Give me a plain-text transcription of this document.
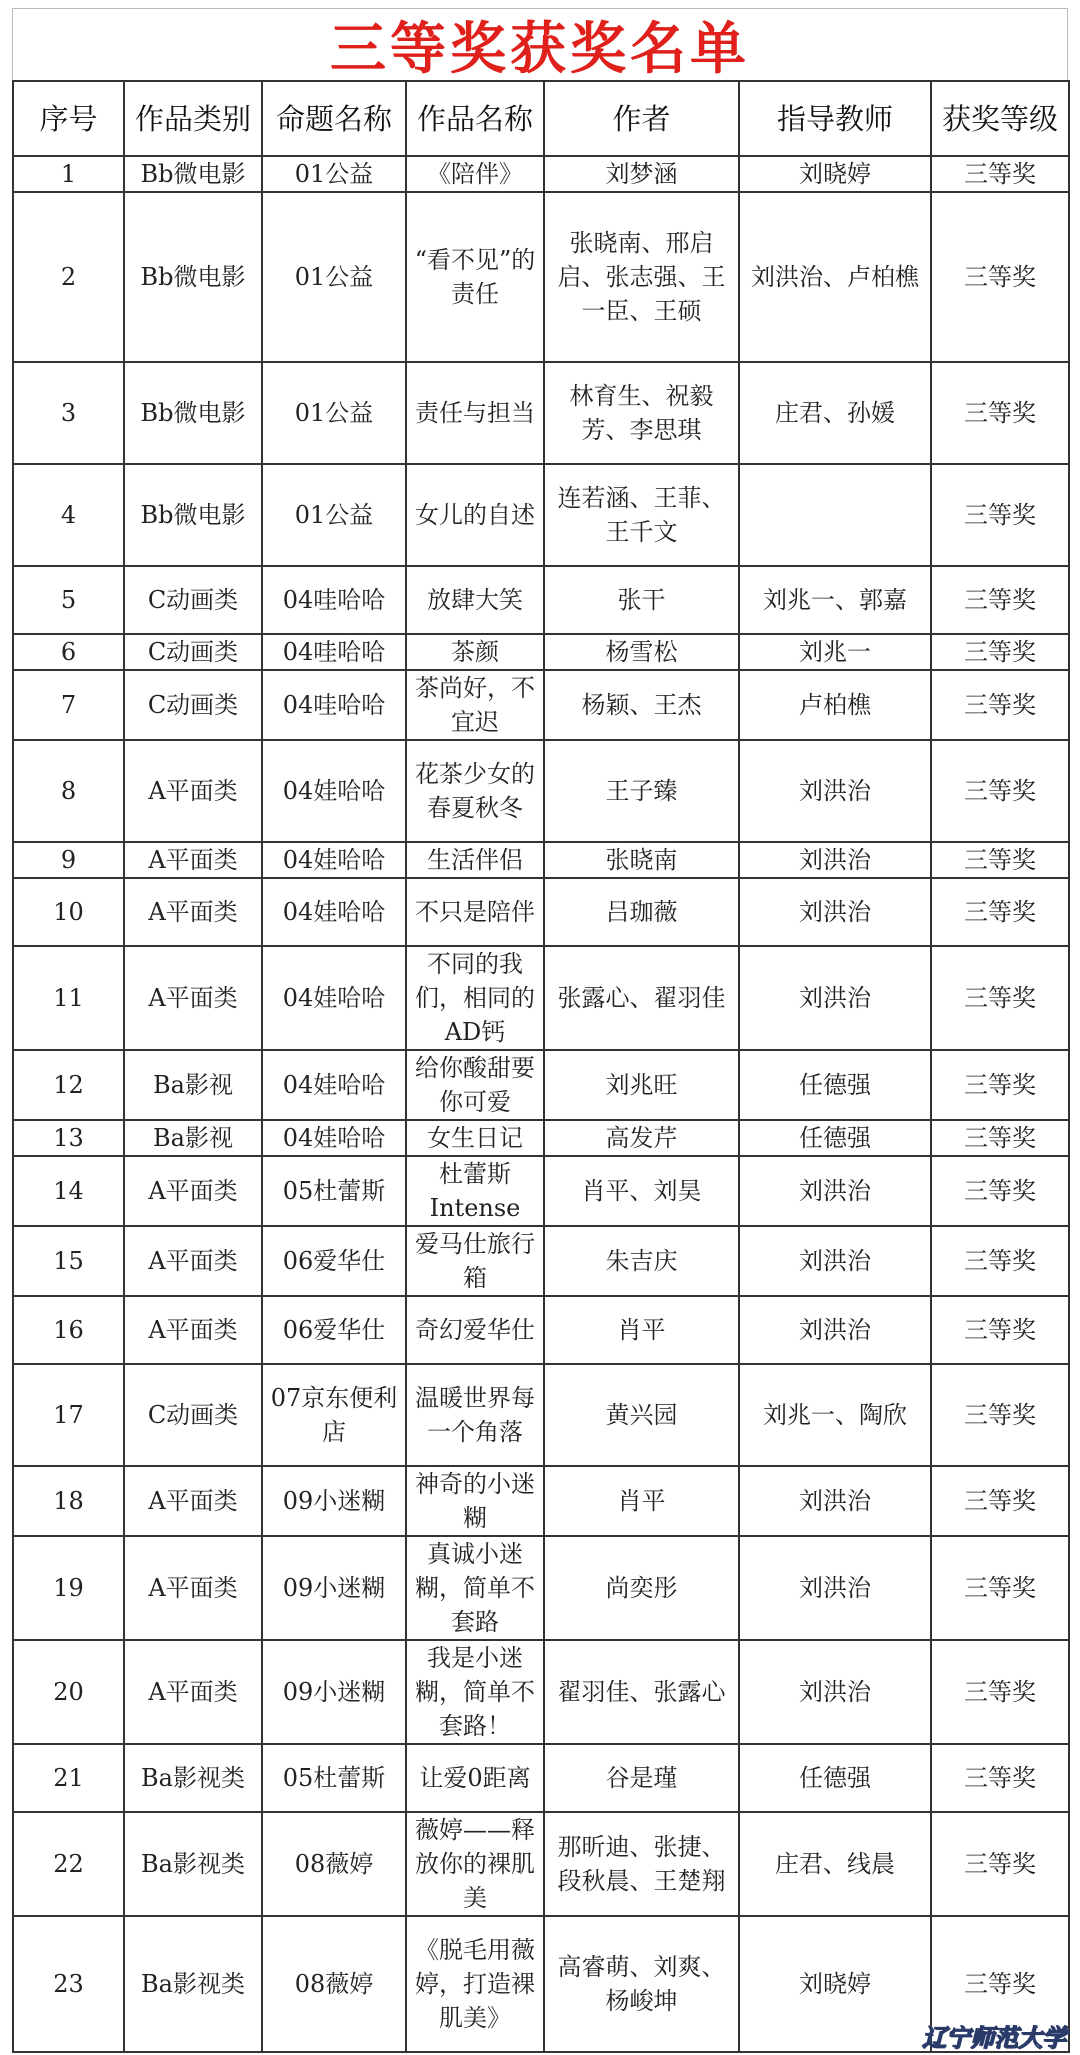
三等奖获奖名单
序号	作品类别	命题名称	作品名称	作者	指导教师	获奖等级
1	Bb微电影	01公益	《陪伴》	刘梦涵	刘晓婷	三等奖
2	Bb微电影	01公益	“看不见”的责任	张晓南、邢启启、张志强、王一臣、王硕	刘洪治、卢柏樵	三等奖
3	Bb微电影	01公益	责任与担当	林育生、祝毅芳、李思琪	庄君、孙媛	三等奖
4	Bb微电影	01公益	女儿的自述	连若涵、王菲、王千文		三等奖
5	C动画类	04哇哈哈	放肆大笑	张干	刘兆一、郭嘉	三等奖
6	C动画类	04哇哈哈	茶颜	杨雪松	刘兆一	三等奖
7	C动画类	04哇哈哈	茶尚好，不宜迟	杨颖、王杰	卢柏樵	三等奖
8	A平面类	04娃哈哈	花茶少女的春夏秋冬	王子臻	刘洪治	三等奖
9	A平面类	04娃哈哈	生活伴侣	张晓南	刘洪治	三等奖
10	A平面类	04娃哈哈	不只是陪伴	吕珈薇	刘洪治	三等奖
11	A平面类	04娃哈哈	不同的我们，相同的AD钙	张露心、翟羽佳	刘洪治	三等奖
12	Ba影视	04娃哈哈	给你酸甜要你可爱	刘兆旺	任德强	三等奖
13	Ba影视	04娃哈哈	女生日记	高发芹	任德强	三等奖
14	A平面类	05杜蕾斯	杜蕾斯Intense	肖平、刘昊	刘洪治	三等奖
15	A平面类	06爱华仕	爱马仕旅行箱	朱吉庆	刘洪治	三等奖
16	A平面类	06爱华仕	奇幻爱华仕	肖平	刘洪治	三等奖
17	C动画类	07京东便利店	温暖世界每一个角落	黄兴园	刘兆一、陶欣	三等奖
18	A平面类	09小迷糊	神奇的小迷糊	肖平	刘洪治	三等奖
19	A平面类	09小迷糊	真诚小迷糊，简单不套路	尚奕彤	刘洪治	三等奖
20	A平面类	09小迷糊	我是小迷糊，简单不套路！	翟羽佳、张露心	刘洪治	三等奖
21	Ba影视类	05杜蕾斯	让爱0距离	谷是瑾	任德强	三等奖
22	Ba影视类	08薇婷	薇婷——释放你的裸肌美	那昕迪、张捷、段秋晨、王楚翔	庄君、线晨	三等奖
23	Ba影视类	08薇婷	《脱毛用薇婷，打造裸肌美》	高睿萌、刘爽、杨峻坤	刘晓婷	三等奖
辽宁师范大学
